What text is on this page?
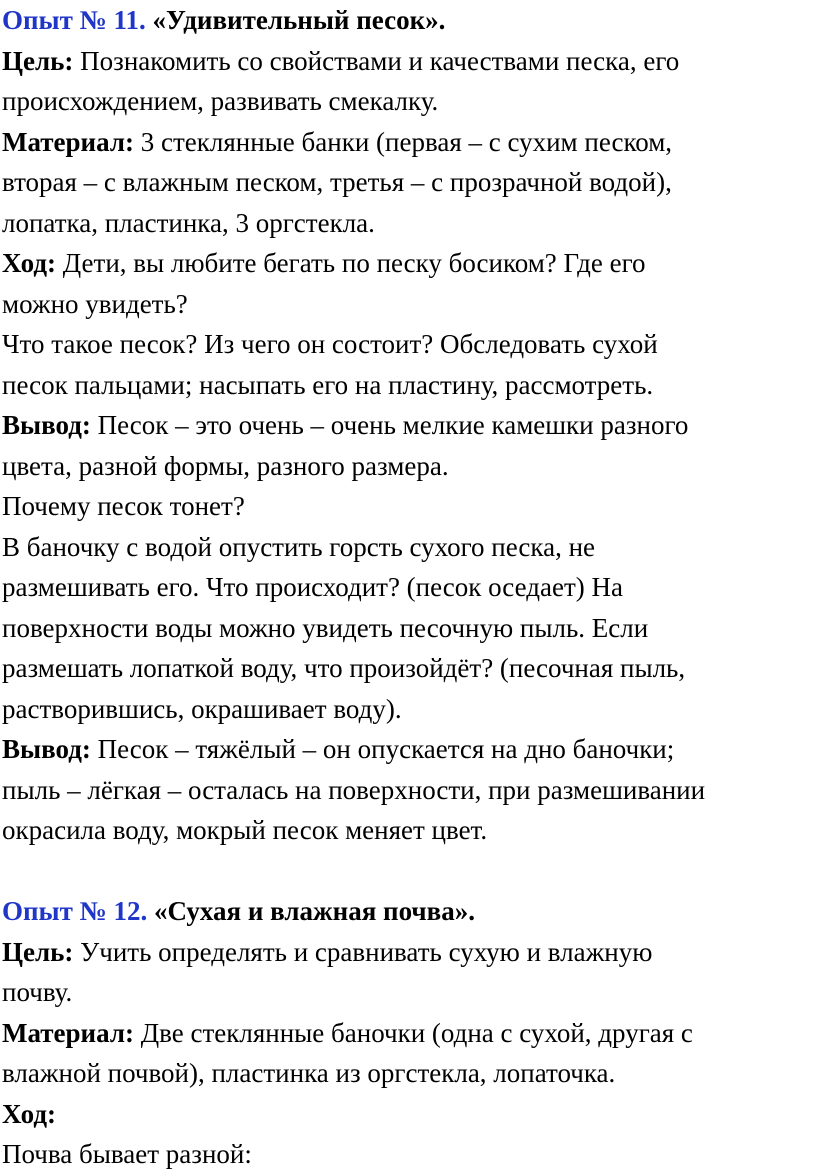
Опыт № 11. «Удивительный песок».
Цель: Познакомить со свойствами и качествами песка, его
происхождением, развивать смекалку.
Материал: 3 стеклянные банки (первая – с сухим песком,
вторая – с влажным песком, третья – с прозрачной водой),
лопатка, пластинка, 3 оргстекла.
Ход: Дети, вы любите бегать по песку босиком? Где его
можно увидеть?
Что такое песок? Из чего он состоит? Обследовать сухой
песок пальцами; насыпать его на пластину, рассмотреть.
Вывод: Песок – это очень – очень мелкие камешки разного
цвета, разной формы, разного размера.
Почему песок тонет?
В баночку с водой опустить горсть сухого песка, не
размешивать его. Что происходит? (песок оседает) На
поверхности воды можно увидеть песочную пыль. Если
размешать лопаткой воду, что произойдёт? (песочная пыль,
растворившись, окрашивает воду).
Вывод: Песок – тяжёлый – он опускается на дно баночки;
пыль – лёгкая – осталась на поверхности, при размешивании
окрасила воду, мокрый песок меняет цвет.
Опыт № 12. «Сухая и влажная почва».
Цель: Учить определять и сравнивать сухую и влажную
почву.
Материал: Две стеклянные баночки (одна с сухой, другая с
влажной почвой), пластинка из оргстекла, лопаточка.
Ход:
Почва бывает разной:
